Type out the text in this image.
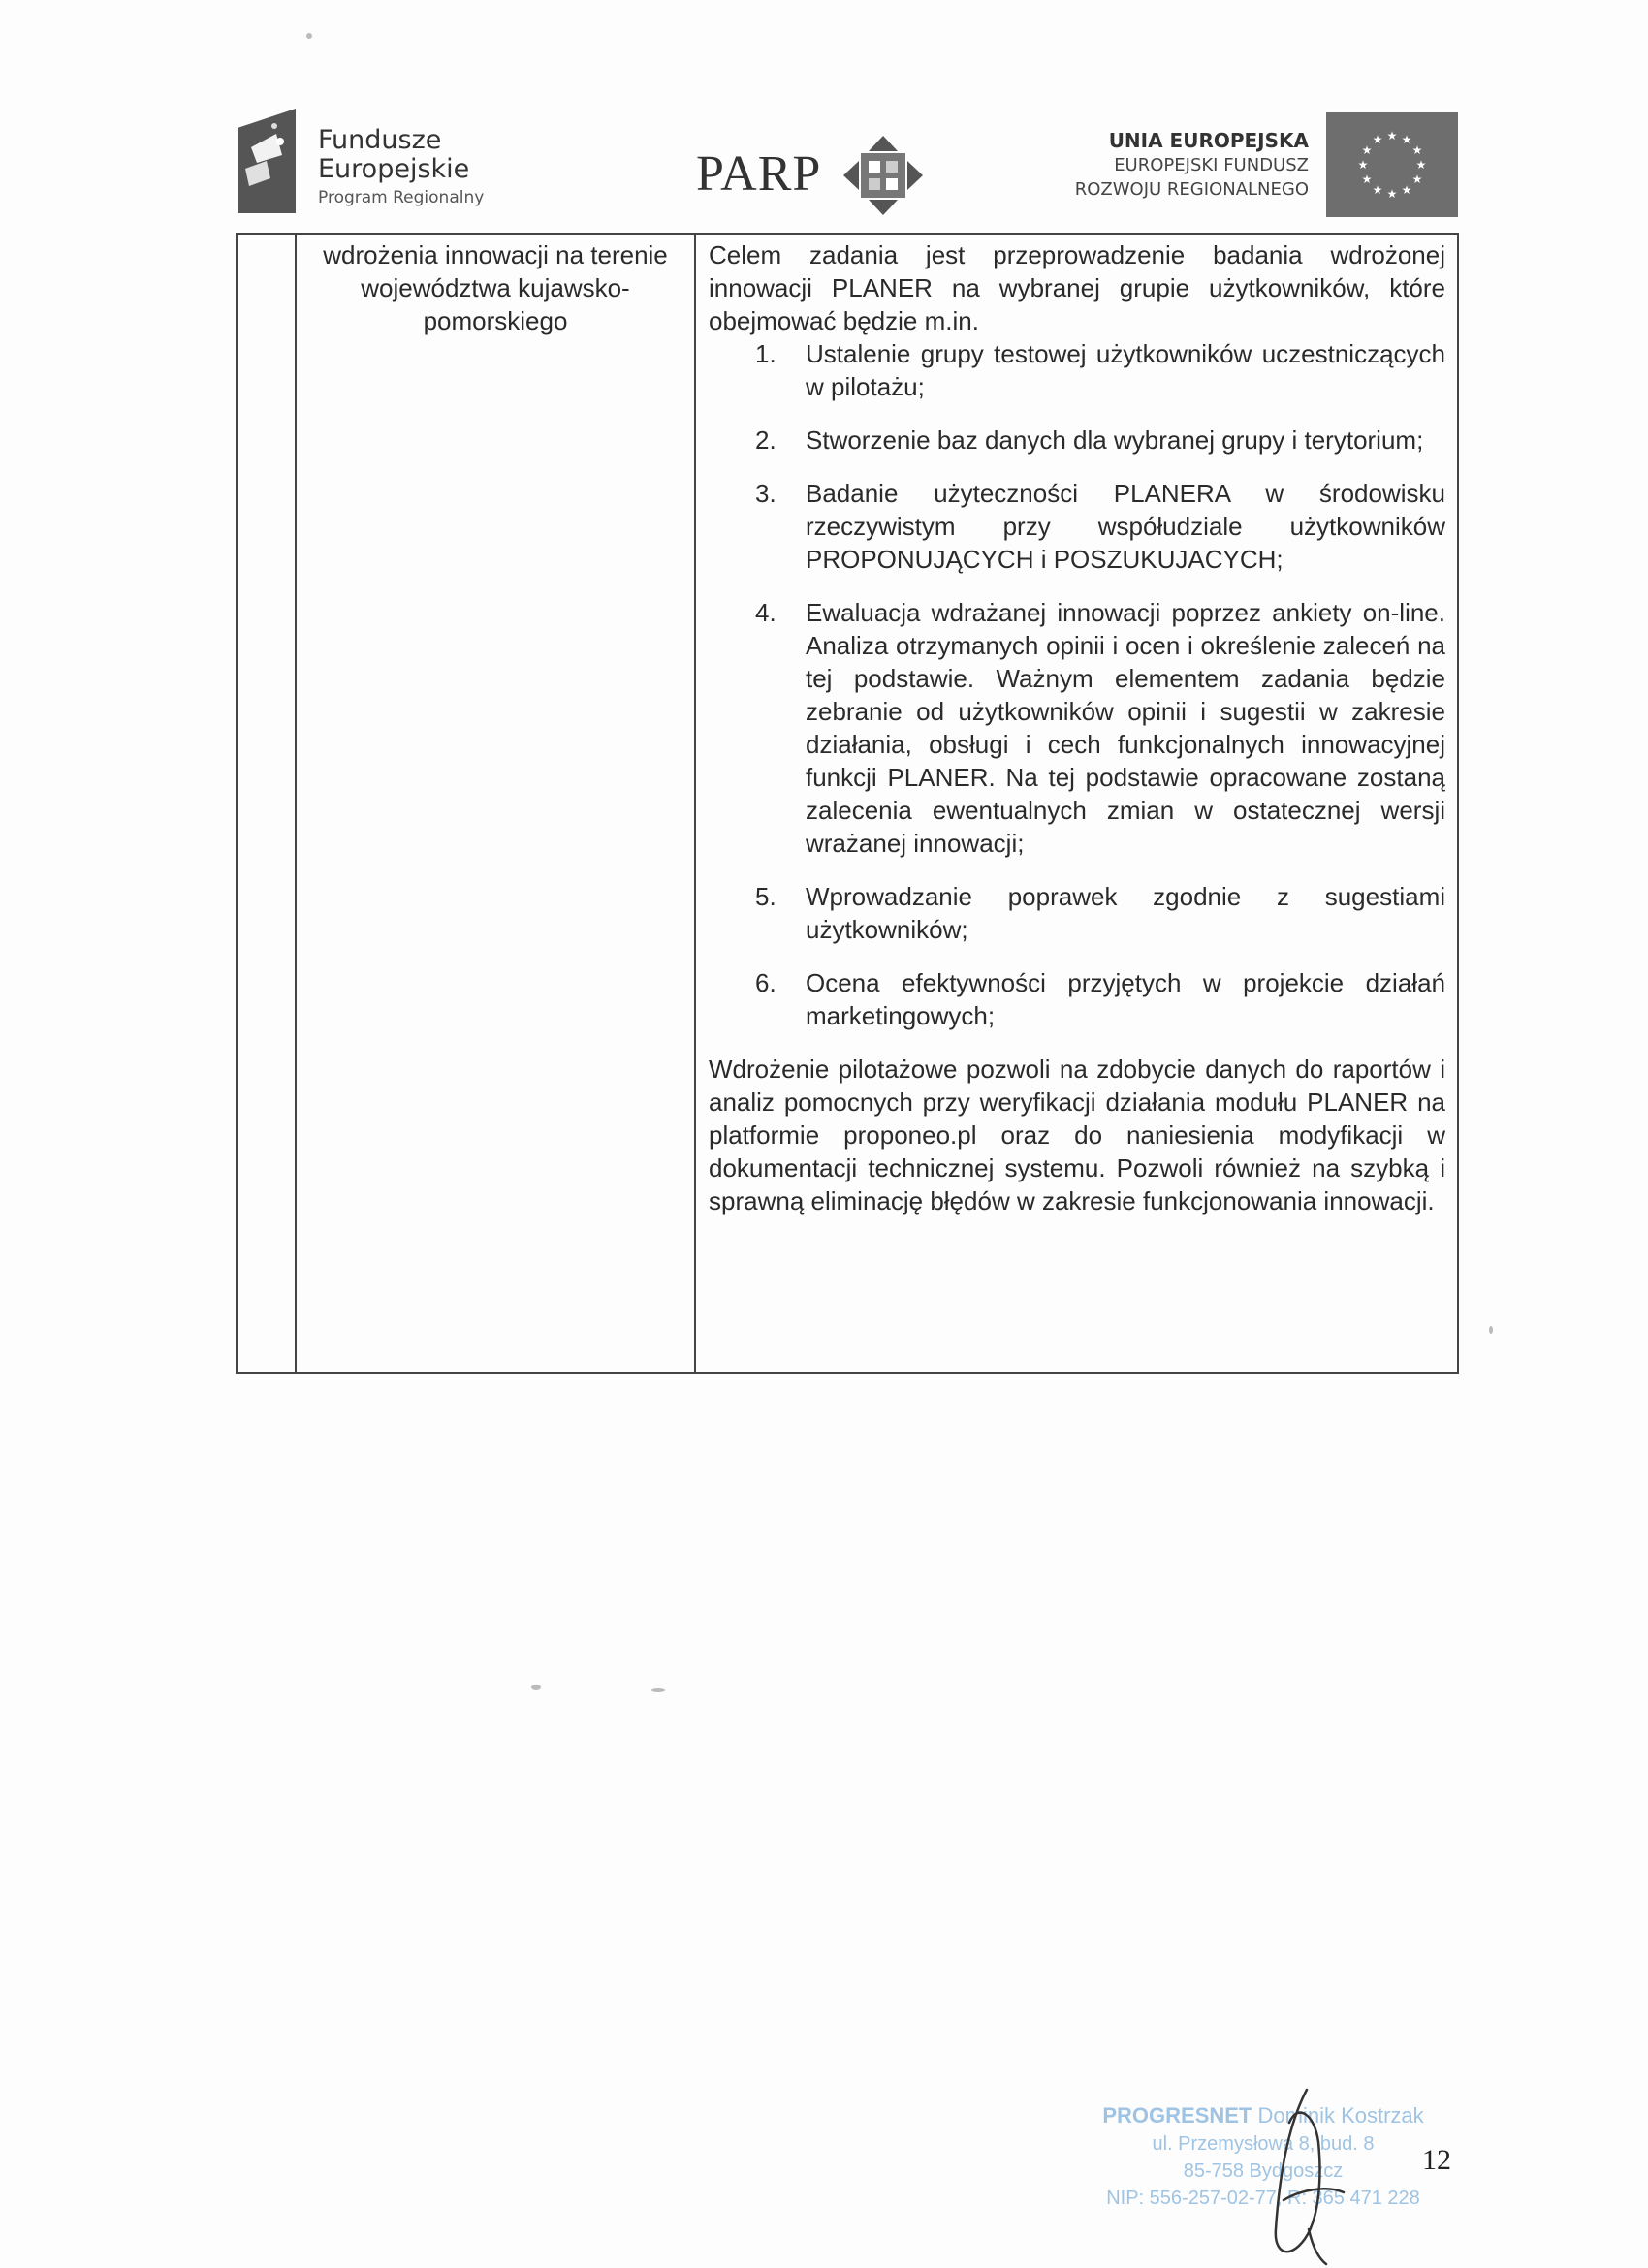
Fundusze
Europejskie
Program Regionalny	PARP
UNIA EUROPEJSKA
EUROPEJSKI FUNDUSZ
ROZWOJU REGIONALNEGO
★ ★
★
★
★
★
★
★
★
★
★
★
wdrożenia innowacji na terenie województwa kujawsko-pomorskiego

Celem zadania jest przeprowadzenie badania wdrożonej innowacji PLANER na wybranej grupie użytkowników, które obejmować będzie m.in.

1.	Ustalenie grupy testowej użytkowników uczestniczących w pilotażu;
2.	Stworzenie baz danych dla wybranej grupy i terytorium;
3.	Badanie użyteczności PLANERA w środowisku rzeczywistym przy współudziale użytkowników PROPONUJĄCYCH i POSZUKUJACYCH;
4.	Ewaluacja wdrażanej innowacji poprzez ankiety on-line. Analiza otrzymanych opinii i ocen i określenie zaleceń na tej podstawie. Ważnym elementem zadania będzie zebranie od użytkowników opinii i sugestii w zakresie działania, obsługi i cech funkcjonalnych innowacyjnej funkcji PLANER. Na tej podstawie opracowane zostaną zalecenia ewentualnych zmian w ostatecznej wersji wrażanej innowacji;
5.	Wprowadzanie poprawek zgodnie z sugestiami użytkowników;
6.	Ocena efektywności przyjętych w projekcie działań marketingowych;

Wdrożenie pilotażowe pozwoli na zdobycie danych do raportów i analiz pomocnych przy weryfikacji działania modułu PLANER na platformie proponeo.pl oraz do naniesienia modyfikacji w dokumentacji technicznej systemu. Pozwoli również na szybką i sprawną eliminację błędów w zakresie funkcjonowania innowacji.

PROGRESNET Dominik Kostrzak
ul. Przemysłowa 8, bud. 8
85-758 Bydgoszcz
NIP: 556-257-02-77, R: 365 471 228
12
